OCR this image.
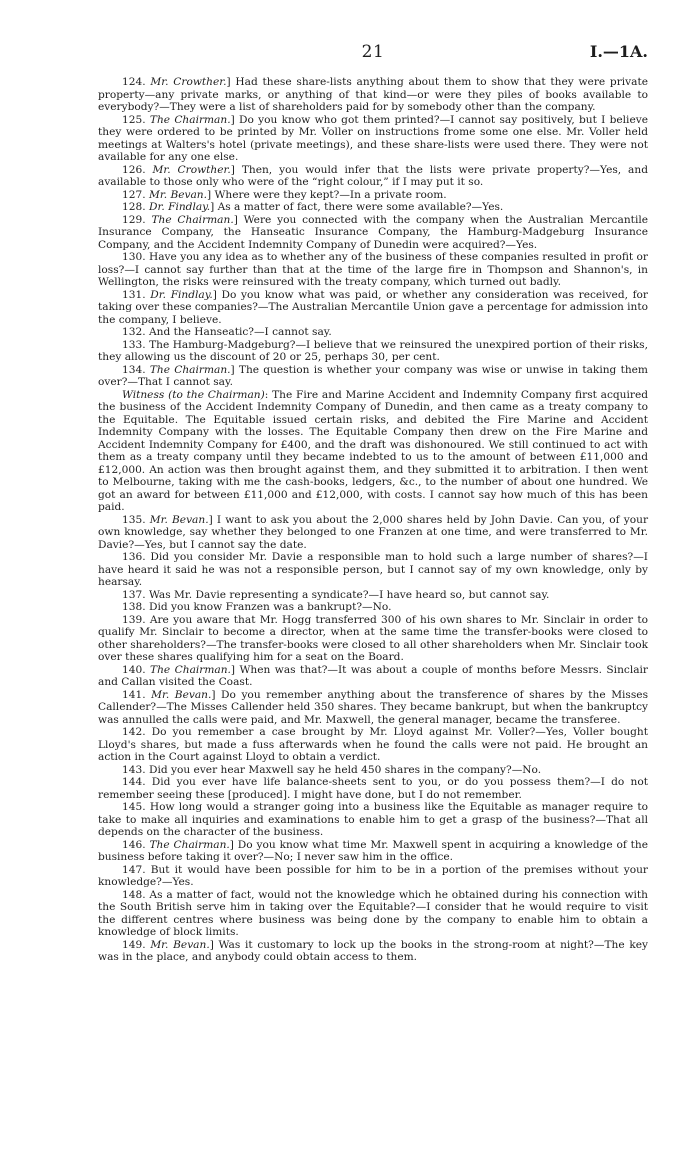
21	I.—1A.

124. Mr. Crowther.] Had these share-lists anything about them to show that they were private property—any private marks, or anything of that kind—or were they piles of books available to everybody?—They were a list of shareholders paid for by somebody other than the company.

125. The Chairman.] Do you know who got them printed?—I cannot say positively, but I believe they were ordered to be printed by Mr. Voller on instructions frome some one else. Mr. Voller held meetings at Walters's hotel (private meetings), and these share-lists were used there. They were not available for any one else.

126. Mr. Crowther.] Then, you would infer that the lists were private property?—Yes, and available to those only who were of the “right colour,” if I may put it so.

127. Mr. Bevan.] Where were they kept?—In a private room.

128. Dr. Findlay.] As a matter of fact, there were some available?—Yes.

129. The Chairman.] Were you connected with the company when the Australian Mercantile Insurance Company, the Hanseatic Insurance Company, the Hamburg-Madgeburg Insurance Company, and the Accident Indemnity Company of Dunedin were acquired?—Yes.

130. Have you any idea as to whether any of the business of these companies resulted in profit or loss?—I cannot say further than that at the time of the large fire in Thompson and Shannon's, in Wellington, the risks were reinsured with the treaty company, which turned out badly.

131. Dr. Findlay.] Do you know what was paid, or whether any consideration was received, for taking over these companies?—The Australian Mercantile Union gave a percentage for admission into the company, I believe.

132. And the Hanseatic?—I cannot say.

133. The Hamburg-Madgeburg?—I believe that we reinsured the unexpired portion of their risks, they allowing us the discount of 20 or 25, perhaps 30, per cent.

134. The Chairman.] The question is whether your company was wise or unwise in taking them over?—That I cannot say.

Witness (to the Chairman): The Fire and Marine Accident and Indemnity Company first acquired the business of the Accident Indemnity Company of Dunedin, and then came as a treaty company to the Equitable. The Equitable issued certain risks, and debited the Fire Marine and Accident Indemnity Company with the losses. The Equitable Company then drew on the Fire Marine and Accident Indemnity Company for £400, and the draft was dishonoured. We still continued to act with them as a treaty company until they became indebted to us to the amount of between £11,000 and £12,000. An action was then brought against them, and they submitted it to arbitration. I then went to Melbourne, taking with me the cash-books, ledgers, &c., to the number of about one hundred. We got an award for between £11,000 and £12,000, with costs. I cannot say how much of this has been paid.

135. Mr. Bevan.] I want to ask you about the 2,000 shares held by John Davie. Can you, of your own knowledge, say whether they belonged to one Franzen at one time, and were transferred to Mr. Davie?—Yes, but I cannot say the date.

136. Did you consider Mr. Davie a responsible man to hold such a large number of shares?—I have heard it said he was not a responsible person, but I cannot say of my own knowledge, only by hearsay.

137. Was Mr. Davie representing a syndicate?—I have heard so, but cannot say.

138. Did you know Franzen was a bankrupt?—No.

139. Are you aware that Mr. Hogg transferred 300 of his own shares to Mr. Sinclair in order to qualify Mr. Sinclair to become a director, when at the same time the transfer-books were closed to other shareholders?—The transfer-books were closed to all other shareholders when Mr. Sinclair took over these shares qualifying him for a seat on the Board.

140. The Chairman.] When was that?—It was about a couple of months before Messrs. Sinclair and Callan visited the Coast.

141. Mr. Bevan.] Do you remember anything about the transference of shares by the Misses Callender?—The Misses Callender held 350 shares. They became bankrupt, but when the bankruptcy was annulled the calls were paid, and Mr. Maxwell, the general manager, became the transferee.

142. Do you remember a case brought by Mr. Lloyd against Mr. Voller?—Yes, Voller bought Lloyd's shares, but made a fuss afterwards when he found the calls were not paid. He brought an action in the Court against Lloyd to obtain a verdict.

143. Did you ever hear Maxwell say he held 450 shares in the company?—No.

144. Did you ever have life balance-sheets sent to you, or do you possess them?—I do not remember seeing these [produced]. I might have done, but I do not remember.

145. How long would a stranger going into a business like the Equitable as manager require to take to make all inquiries and examinations to enable him to get a grasp of the business?—That all depends on the character of the business.

146. The Chairman.] Do you know what time Mr. Maxwell spent in acquiring a knowledge of the business before taking it over?—No; I never saw him in the office.

147. But it would have been possible for him to be in a portion of the premises without your knowledge?—Yes.

148. As a matter of fact, would not the knowledge which he obtained during his connection with the South British serve him in taking over the Equitable?—I consider that he would require to visit the different centres where business was being done by the company to enable him to obtain a knowledge of block limits.

149. Mr. Bevan.] Was it customary to lock up the books in the strong-room at night?—The key was in the place, and anybody could obtain access to them.
